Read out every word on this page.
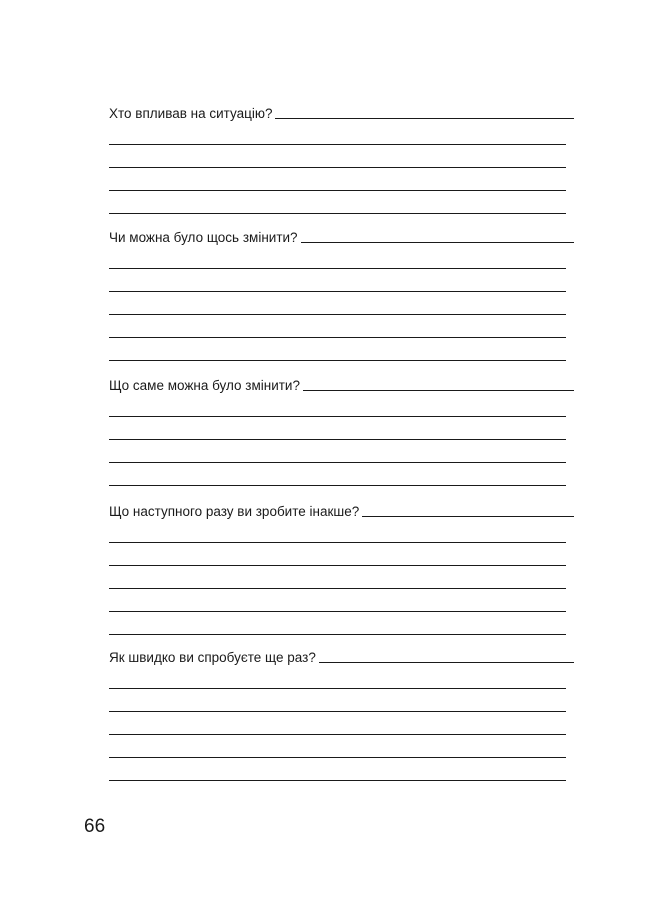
Хто впливав на ситуацію?
Чи можна було щось змінити?
Що саме можна було змінити?
Що наступного разу ви зробите інакше?
Як швидко ви спробуєте ще раз?
66
